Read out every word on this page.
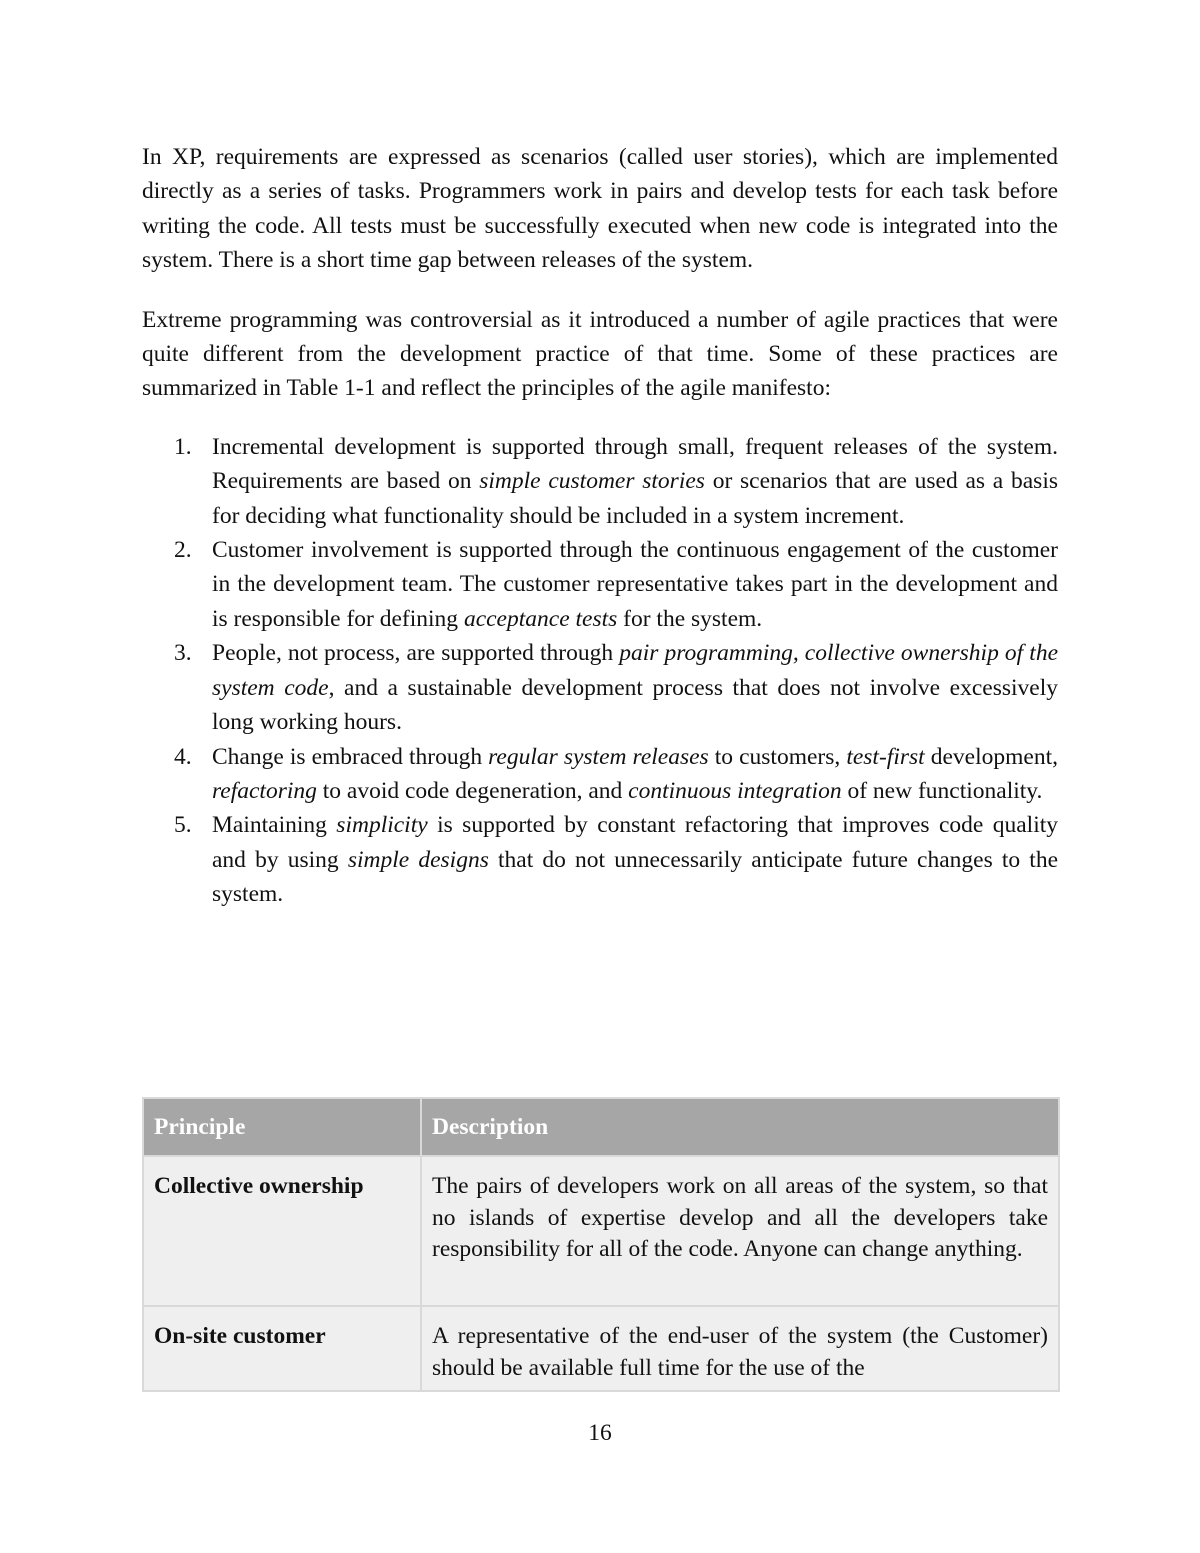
In XP, requirements are expressed as scenarios (called user stories), which are implemented directly as a series of tasks. Programmers work in pairs and develop tests for each task before writing the code. All tests must be successfully executed when new code is integrated into the system. There is a short time gap between releases of the system.

Extreme programming was controversial as it introduced a number of agile practices that were quite different from the development practice of that time. Some of these practices are summarized in Table 1-1 and reflect the principles of the agile manifesto:

1. Incremental development is supported through small, frequent releases of the system. Requirements are based on simple customer stories or scenarios that are used as a basis for deciding what functionality should be included in a system increment.
2. Customer involvement is supported through the continuous engagement of the customer in the development team. The customer representative takes part in the development and is responsible for defining acceptance tests for the system.
3. People, not process, are supported through pair programming, collective ownership of the system code, and a sustainable development process that does not involve excessively long working hours.
4. Change is embraced through regular system releases to customers, test-first development, refactoring to avoid code degeneration, and continuous integration of new functionality.
5. Maintaining simplicity is supported by constant refactoring that improves code quality and by using simple designs that do not unnecessarily anticipate future changes to the system.
Principle	Description
Collective ownership	The pairs of developers work on all areas of the system, so that no islands of expertise develop and all the developers take responsibility for all of the code. Anyone can change anything.
On-site customer	A representative of the end-user of the system (the Customer) should be available full time for the use of the
16
